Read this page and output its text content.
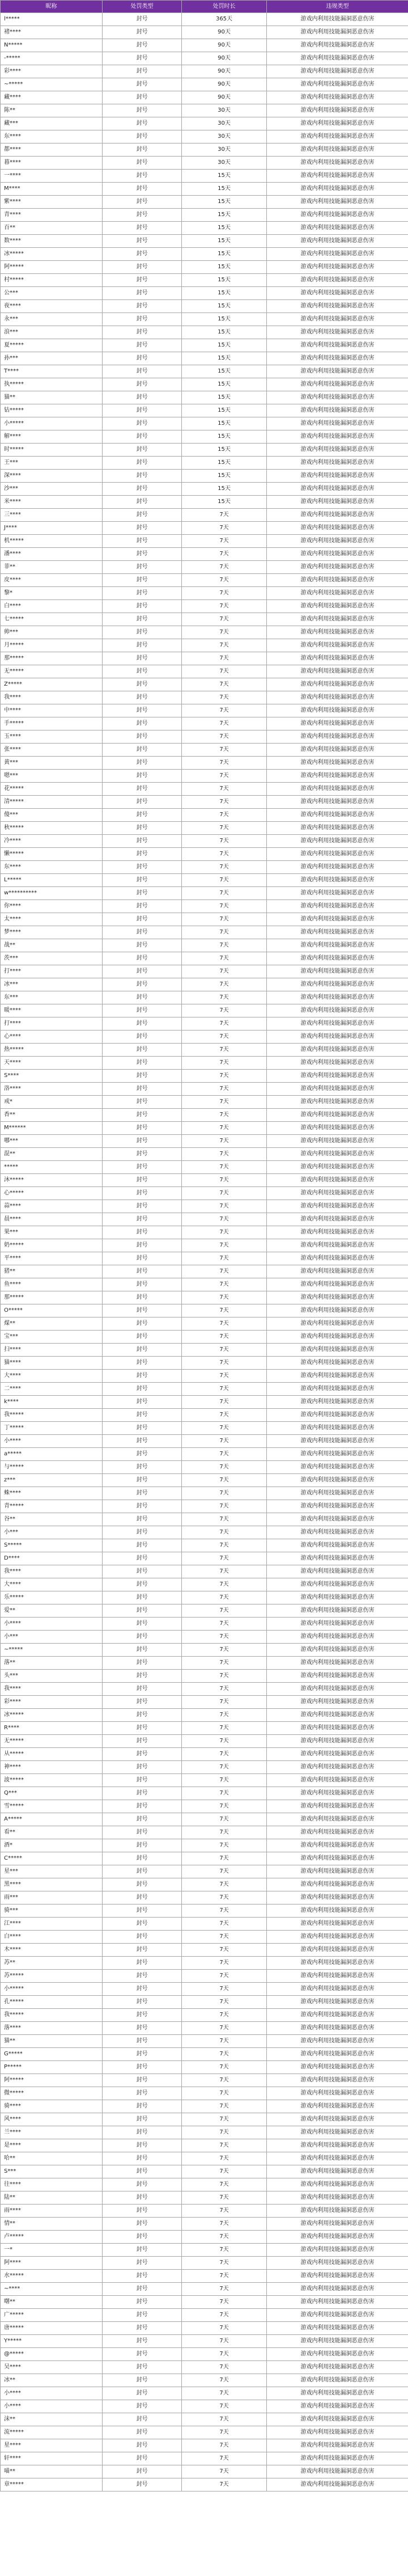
昵称	处罚类型	处罚时长	违规类型
l*****	封号	365天	游戏内利用技能漏洞恶意伤害
褚****	封号	90天	游戏内利用技能漏洞恶意伤害
N*****	封号	90天	游戏内利用技能漏洞恶意伤害
-*****	封号	90天	游戏内利用技能漏洞恶意伤害
彩****	封号	90天	游戏内利用技能漏洞恶意伤害
~*****	封号	90天	游戏内利用技能漏洞恶意伤害
藏****	封号	90天	游戏内利用技能漏洞恶意伤害
陈**	封号	30天	游戏内利用技能漏洞恶意伤害
藏***	封号	30天	游戏内利用技能漏洞恶意伤害
东****	封号	30天	游戏内利用技能漏洞恶意伤害
都****	封号	30天	游戏内利用技能漏洞恶意伤害
暮****	封号	30天	游戏内利用技能漏洞恶意伤害
一****	封号	15天	游戏内利用技能漏洞恶意伤害
M****	封号	15天	游戏内利用技能漏洞恶意伤害
紫****	封号	15天	游戏内利用技能漏洞恶意伤害
青****	封号	15天	游戏内利用技能漏洞恶意伤害
百**	封号	15天	游戏内利用技能漏洞恶意伤害
数****	封号	15天	游戏内利用技能漏洞恶意伤害
冰*****	封号	15天	游戏内利用技能漏洞恶意伤害
阿*****	封号	15天	游戏内利用技能漏洞恶意伤害
村*****	封号	15天	游戏内利用技能漏洞恶意伤害
公***	封号	15天	游戏内利用技能漏洞恶意伤害
夜****	封号	15天	游戏内利用技能漏洞恶意伤害
永***	封号	15天	游戏内利用技能漏洞恶意伤害
浪***	封号	15天	游戏内利用技能漏洞恶意伤害
夏*****	封号	15天	游戏内利用技能漏洞恶意伤害
孙***	封号	15天	游戏内利用技能漏洞恶意伤害
T****	封号	15天	游戏内利用技能漏洞恶意伤害
执*****	封号	15天	游戏内利用技能漏洞恶意伤害
猫**	封号	15天	游戏内利用技能漏洞恶意伤害
钻*****	封号	15天	游戏内利用技能漏洞恶意伤害
小*****	封号	15天	游戏内利用技能漏洞恶意伤害
解****	封号	15天	游戏内利用技能漏洞恶意伤害
时*****	封号	15天	游戏内利用技能漏洞恶意伤害
王***	封号	15天	游戏内利用技能漏洞恶意伤害
深****	封号	15天	游戏内利用技能漏洞恶意伤害
沙***	封号	15天	游戏内利用技能漏洞恶意伤害
米****	封号	15天	游戏内利用技能漏洞恶意伤害
三****	封号	7天	游戏内利用技能漏洞恶意伤害
J****	封号	7天	游戏内利用技能漏洞恶意伤害
机*****	封号	7天	游戏内利用技能漏洞恶意伤害
潘****	封号	7天	游戏内利用技能漏洞恶意伤害
菲**	封号	7天	游戏内利用技能漏洞恶意伤害
皮****	封号	7天	游戏内利用技能漏洞恶意伤害
黎*	封号	7天	游戏内利用技能漏洞恶意伤害
白****	封号	7天	游戏内利用技能漏洞恶意伤害
七*****	封号	7天	游戏内利用技能漏洞恶意伤害
帅***	封号	7天	游戏内利用技能漏洞恶意伤害
月*****	封号	7天	游戏内利用技能漏洞恶意伤害
那*****	封号	7天	游戏内利用技能漏洞恶意伤害
无*****	封号	7天	游戏内利用技能漏洞恶意伤害
Z*****	封号	7天	游戏内利用技能漏洞恶意伤害
我****	封号	7天	游戏内利用技能漏洞恶意伤害
中****	封号	7天	游戏内利用技能漏洞恶意伤害
手*****	封号	7天	游戏内利用技能漏洞恶意伤害
玉****	封号	7天	游戏内利用技能漏洞恶意伤害
张****	封号	7天	游戏内利用技能漏洞恶意伤害
黄***	封号	7天	游戏内利用技能漏洞恶意伤害
嗯***	封号	7天	游戏内利用技能漏洞恶意伤害
花*****	封号	7天	游戏内利用技能漏洞恶意伤害
清*****	封号	7天	游戏内利用技能漏洞恶意伤害
傻***	封号	7天	游戏内利用技能漏洞恶意伤害
秋*****	封号	7天	游戏内利用技能漏洞恶意伤害
冷****	封号	7天	游戏内利用技能漏洞恶意伤害
懒*****	封号	7天	游戏内利用技能漏洞恶意伤害
东****	封号	7天	游戏内利用技能漏洞恶意伤害
L*****	封号	7天	游戏内利用技能漏洞恶意伤害
w**********	封号	7天	游戏内利用技能漏洞恶意伤害
你****	封号	7天	游戏内利用技能漏洞恶意伤害
太****	封号	7天	游戏内利用技能漏洞恶意伤害
梦****	封号	7天	游戏内利用技能漏洞恶意伤害
战**	封号	7天	游戏内利用技能漏洞恶意伤害
茨***	封号	7天	游戏内利用技能漏洞恶意伤害
打****	封号	7天	游戏内利用技能漏洞恶意伤害
冰***	封号	7天	游戏内利用技能漏洞恶意伤害
东***	封号	7天	游戏内利用技能漏洞恶意伤害
暖****	封号	7天	游戏内利用技能漏洞恶意伤害
打****	封号	7天	游戏内利用技能漏洞恶意伤害
心****	封号	7天	游戏内利用技能漏洞恶意伤害
热*****	封号	7天	游戏内利用技能漏洞恶意伤害
天****	封号	7天	游戏内利用技能漏洞恶意伤害
S****	封号	7天	游戏内利用技能漏洞恶意伤害
洛****	封号	7天	游戏内利用技能漏洞恶意伤害
戒*	封号	7天	游戏内利用技能漏洞恶意伤害
香**	封号	7天	游戏内利用技能漏洞恶意伤害
M******	封号	7天	游戏内利用技能漏洞恶意伤害
哪***	封号	7天	游戏内利用技能漏洞恶意伤害
混**	封号	7天	游戏内利用技能漏洞恶意伤害
*****	封号	7天	游戏内利用技能漏洞恶意伤害
沐*****	封号	7天	游戏内利用技能漏洞恶意伤害
心*****	封号	7天	游戏内利用技能漏洞恶意伤害
蒜****	封号	7天	游戏内利用技能漏洞恶意伤害
晨****	封号	7天	游戏内利用技能漏洞恶意伤害
果***	封号	7天	游戏内利用技能漏洞恶意伤害
奶*****	封号	7天	游戏内利用技能漏洞恶意伤害
平****	封号	7天	游戏内利用技能漏洞恶意伤害
猪**	封号	7天	游戏内利用技能漏洞恶意伤害
鱼****	封号	7天	游戏内利用技能漏洞恶意伤害
那*****	封号	7天	游戏内利用技能漏洞恶意伤害
O*****	封号	7天	游戏内利用技能漏洞恶意伤害
煤**	封号	7天	游戏内利用技能漏洞恶意伤害
宝***	封号	7天	游戏内利用技能漏洞恶意伤害
扫****	封号	7天	游戏内利用技能漏洞恶意伤害
猫****	封号	7天	游戏内利用技能漏洞恶意伤害
大****	封号	7天	游戏内利用技能漏洞恶意伤害
二****	封号	7天	游戏内利用技能漏洞恶意伤害
k****	封号	7天	游戏内利用技能漏洞恶意伤害
我*****	封号	7天	游戏内利用技能漏洞恶意伤害
丁*****	封号	7天	游戏内利用技能漏洞恶意伤害
小****	封号	7天	游戏内利用技能漏洞恶意伤害
a*****	封号	7天	游戏内利用技能漏洞恶意伤害
与*****	封号	7天	游戏内利用技能漏洞恶意伤害
z***	封号	7天	游戏内利用技能漏洞恶意伤害
蛛****	封号	7天	游戏内利用技能漏洞恶意伤害
青*****	封号	7天	游戏内利用技能漏洞恶意伤害
谷**	封号	7天	游戏内利用技能漏洞恶意伤害
小***	封号	7天	游戏内利用技能漏洞恶意伤害
S*****	封号	7天	游戏内利用技能漏洞恶意伤害
D****	封号	7天	游戏内利用技能漏洞恶意伤害
我****	封号	7天	游戏内利用技能漏洞恶意伤害
大****	封号	7天	游戏内利用技能漏洞恶意伤害
乐*****	封号	7天	游戏内利用技能漏洞恶意伤害
爱**	封号	7天	游戏内利用技能漏洞恶意伤害
小****	封号	7天	游戏内利用技能漏洞恶意伤害
小***	封号	7天	游戏内利用技能漏洞恶意伤害
~*****	封号	7天	游戏内利用技能漏洞恶意伤害
落**	封号	7天	游戏内利用技能漏洞恶意伤害
头***	封号	7天	游戏内利用技能漏洞恶意伤害
我****	封号	7天	游戏内利用技能漏洞恶意伤害
彩****	封号	7天	游戏内利用技能漏洞恶意伤害
冰*****	封号	7天	游戏内利用技能漏洞恶意伤害
R****	封号	7天	游戏内利用技能漏洞恶意伤害
无*****	封号	7天	游戏内利用技能漏洞恶意伤害
从*****	封号	7天	游戏内利用技能漏洞恶意伤害
神****	封号	7天	游戏内利用技能漏洞恶意伤害
波*****	封号	7天	游戏内利用技能漏洞恶意伤害
Q***	封号	7天	游戏内利用技能漏洞恶意伤害
雪*****	封号	7天	游戏内利用技能漏洞恶意伤害
A*****	封号	7天	游戏内利用技能漏洞恶意伤害
看**	封号	7天	游戏内利用技能漏洞恶意伤害
酒*	封号	7天	游戏内利用技能漏洞恶意伤害
C*****	封号	7天	游戏内利用技能漏洞恶意伤害
星***	封号	7天	游戏内利用技能漏洞恶意伤害
黑****	封号	7天	游戏内利用技能漏洞恶意伤害
雨***	封号	7天	游戏内利用技能漏洞恶意伤害
骑***	封号	7天	游戏内利用技能漏洞恶意伤害
江****	封号	7天	游戏内利用技能漏洞恶意伤害
白****	封号	7天	游戏内利用技能漏洞恶意伤害
木****	封号	7天	游戏内利用技能漏洞恶意伤害
苏**	封号	7天	游戏内利用技能漏洞恶意伤害
苏*****	封号	7天	游戏内利用技能漏洞恶意伤害
小*****	封号	7天	游戏内利用技能漏洞恶意伤害
孔*****	封号	7天	游戏内利用技能漏洞恶意伤害
我*****	封号	7天	游戏内利用技能漏洞恶意伤害
落****	封号	7天	游戏内利用技能漏洞恶意伤害
猫**	封号	7天	游戏内利用技能漏洞恶意伤害
G*****	封号	7天	游戏内利用技能漏洞恶意伤害
P*****	封号	7天	游戏内利用技能漏洞恶意伤害
阿*****	封号	7天	游戏内利用技能漏洞恶意伤害
微*****	封号	7天	游戏内利用技能漏洞恶意伤害
骑****	封号	7天	游戏内利用技能漏洞恶意伤害
风****	封号	7天	游戏内利用技能漏洞恶意伤害
兰****	封号	7天	游戏内利用技能漏洞恶意伤害
是****	封号	7天	游戏内利用技能漏洞恶意伤害
哈**	封号	7天	游戏内利用技能漏洞恶意伤害
S***	封号	7天	游戏内利用技能漏洞恶意伤害
往****	封号	7天	游戏内利用技能漏洞恶意伤害
陆**	封号	7天	游戏内利用技能漏洞恶意伤害
雨****	封号	7天	游戏内利用技能漏洞恶意伤害
情**	封号	7天	游戏内利用技能漏洞恶意伤害
卢*****	封号	7天	游戏内利用技能漏洞恶意伤害
一*	封号	7天	游戏内利用技能漏洞恶意伤害
阿****	封号	7天	游戏内利用技能漏洞恶意伤害
水*****	封号	7天	游戏内利用技能漏洞恶意伤害
~****	封号	7天	游戏内利用技能漏洞恶意伤害
曙**	封号	7天	游戏内利用技能漏洞恶意伤害
广*****	封号	7天	游戏内利用技能漏洞恶意伤害
唐*****	封号	7天	游戏内利用技能漏洞恶意伤害
Y*****	封号	7天	游戏内利用技能漏洞恶意伤害
@*****	封号	7天	游戏内利用技能漏洞恶意伤害
吴****	封号	7天	游戏内利用技能漏洞恶意伤害
冰**	封号	7天	游戏内利用技能漏洞恶意伤害
小****	封号	7天	游戏内利用技能漏洞恶意伤害
小****	封号	7天	游戏内利用技能漏洞恶意伤害
沫**	封号	7天	游戏内利用技能漏洞恶意伤害
流*****	封号	7天	游戏内利用技能漏洞恶意伤害
星****	封号	7天	游戏内利用技能漏洞恶意伤害
轩****	封号	7天	游戏内利用技能漏洞恶意伤害
喵**	封号	7天	游戏内利用技能漏洞恶意伤害
章*****	封号	7天	游戏内利用技能漏洞恶意伤害
